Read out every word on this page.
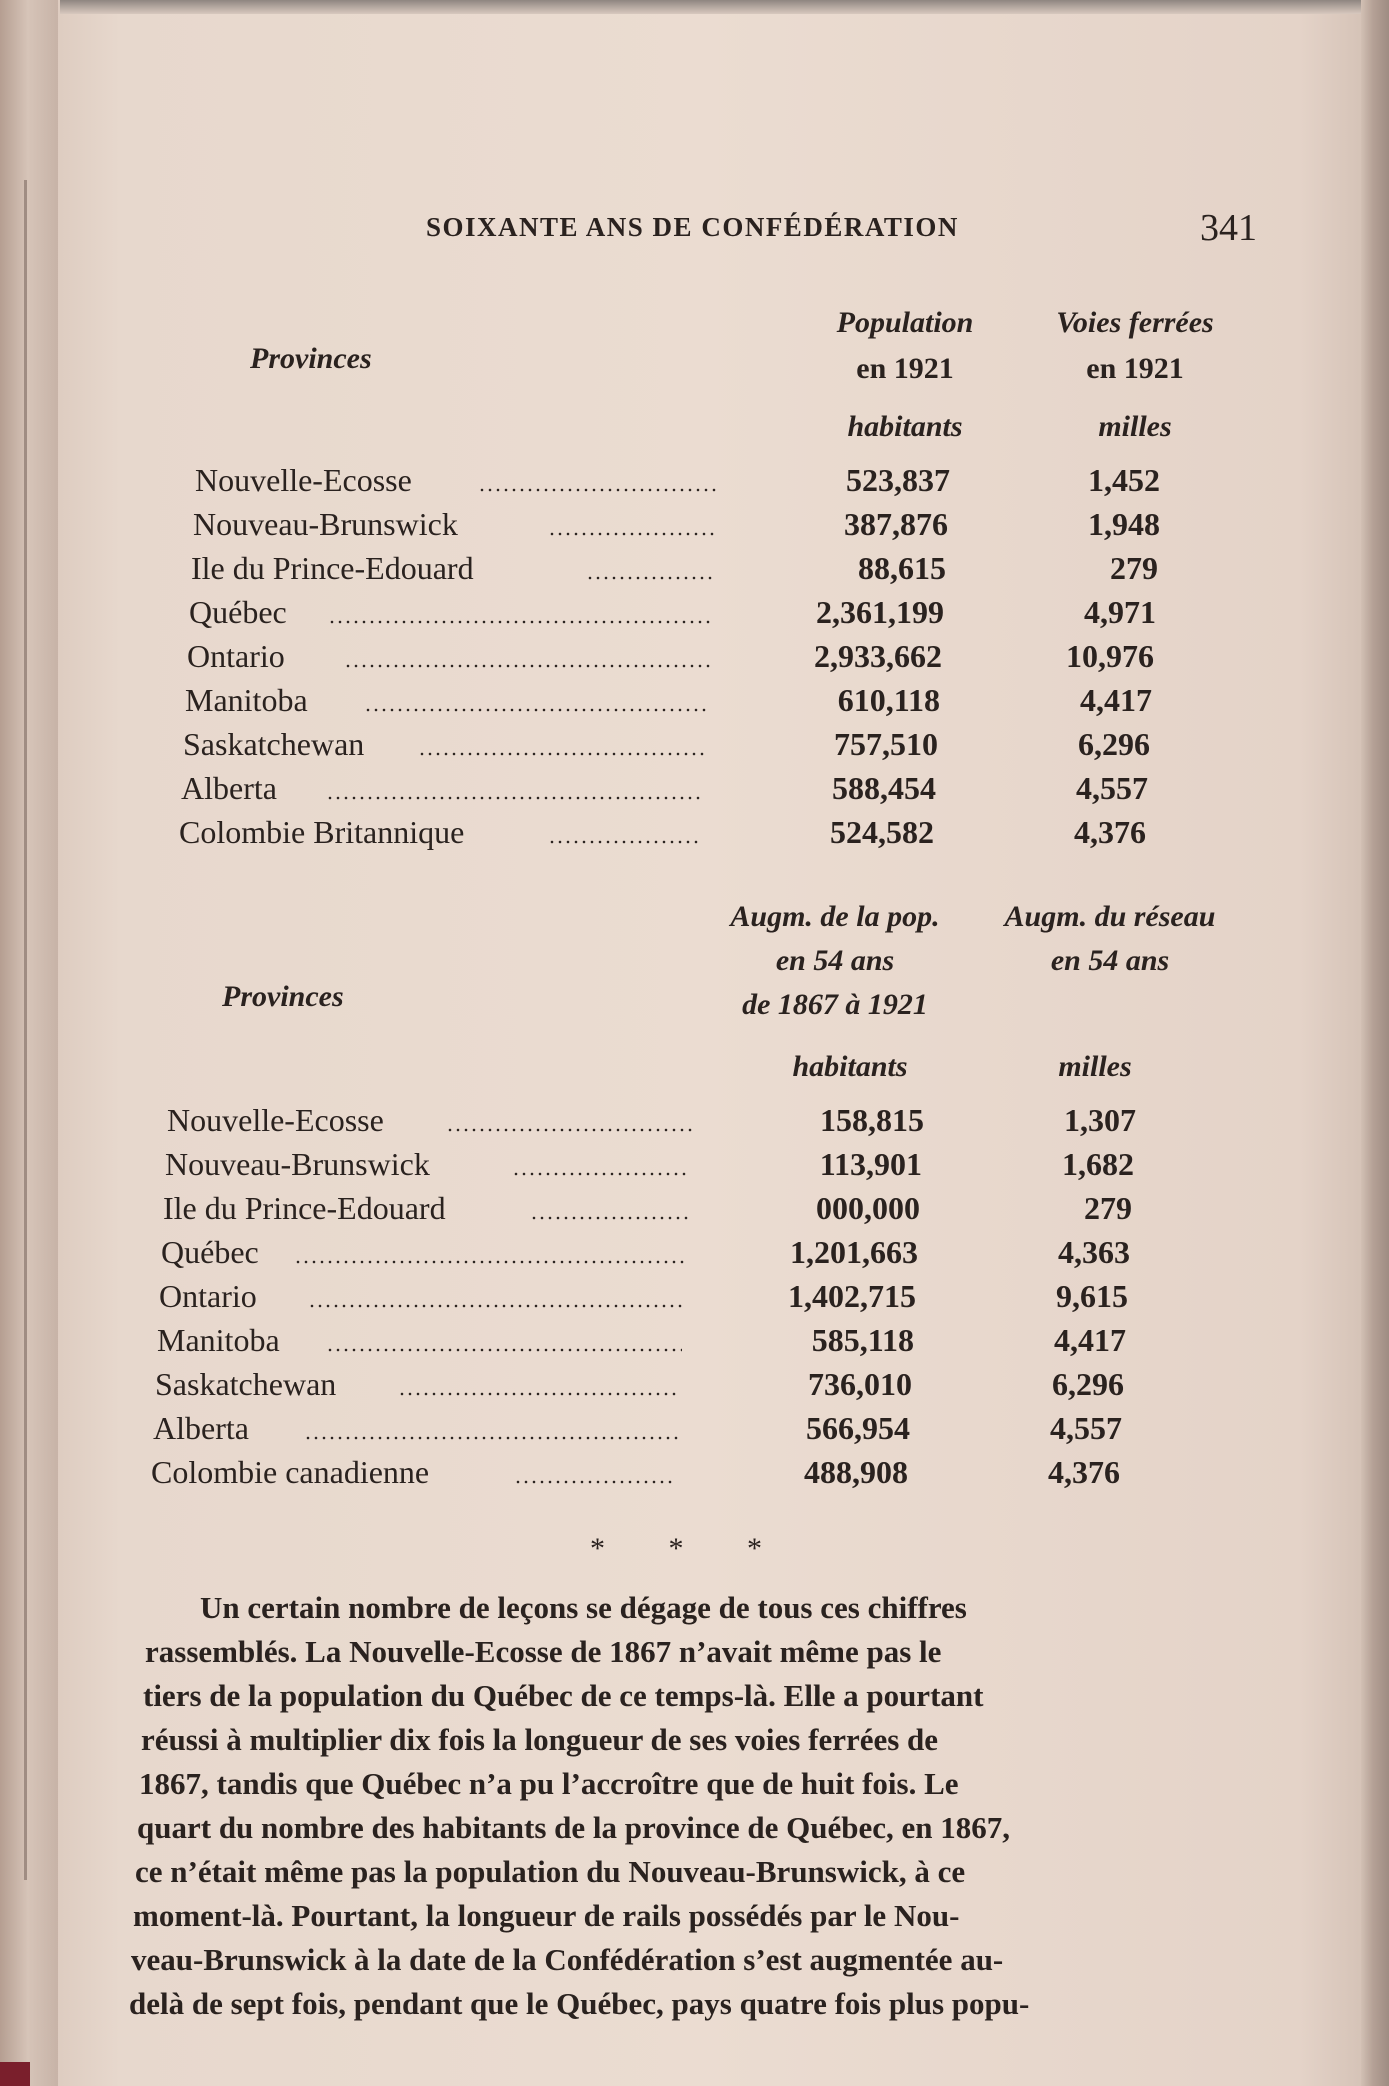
SOIXANTE ANS DE CONFÉDÉRATION	341
Provinces
Population
en 1921
Voies ferrées
en 1921
habitants	milles
Nouvelle-Ecosse	523,837	1,452
Nouveau-Brunswick	387,876	1,948
Ile du Prince-Edouard	88,615	279
Québec	2,361,199	4,971
Ontario	2,933,662	10,976
Manitoba	610,118	4,417
Saskatchewan	757,510	6,296
Alberta	588,454	4,557
Colombie Britannique	524,582	4,376
Provinces
Augm. de la pop.
en 54 ans
de 1867 à 1921
Augm. du réseau
en 54 ans
habitants	milles
Nouvelle-Ecosse	158,815	1,307
Nouveau-Brunswick	113,901	1,682
Ile du Prince-Edouard	000,000	279
Québec	1,201,663	4,363
Ontario	1,402,715	9,615
Manitoba	585,118	4,417
Saskatchewan	736,010	6,296
Alberta	566,954	4,557
Colombie canadienne	488,908	4,376
* * *
Un certain nombre de leçons se dégage de tous ces chiffres
rassemblés. La Nouvelle-Ecosse de 1867 n’avait même pas le
tiers de la population du Québec de ce temps-là. Elle a pourtant
réussi à multiplier dix fois la longueur de ses voies ferrées de
1867, tandis que Québec n’a pu l’accroître que de huit fois. Le
quart du nombre des habitants de la province de Québec, en 1867,
ce n’était même pas la population du Nouveau-Brunswick, à ce
moment-là. Pourtant, la longueur de rails possédés par le Nou-
veau-Brunswick à la date de la Confédération s’est augmentée au-
delà de sept fois, pendant que le Québec, pays quatre fois plus popu-
